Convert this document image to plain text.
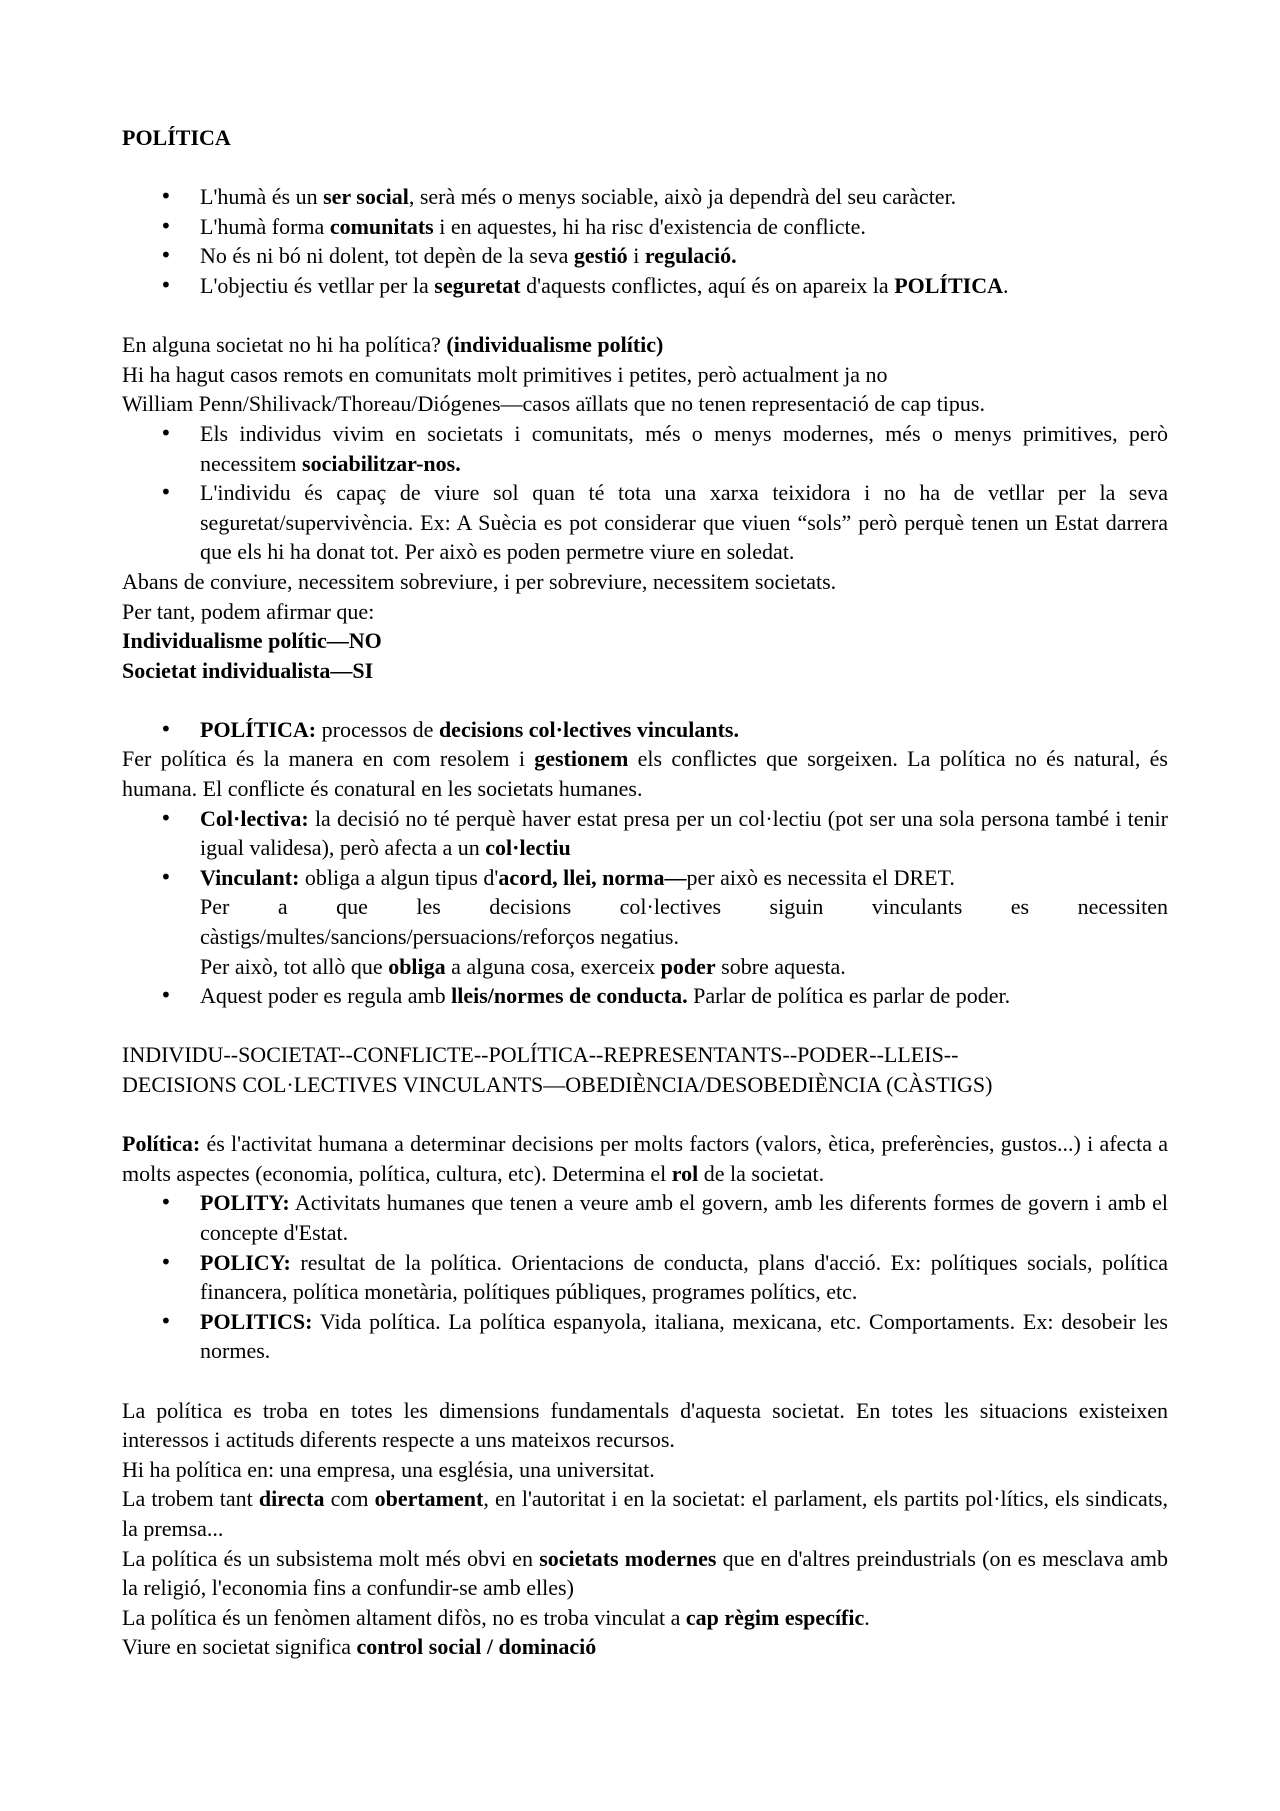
POLÍTICA

• L'humà és un ser social, serà més o menys sociable, això ja dependrà del seu caràcter.
• L'humà forma comunitats i en aquestes, hi ha risc d'existencia de conflicte.
• No és ni bó ni dolent, tot depèn de la seva gestió i regulació.
• L'objectiu és vetllar per la seguretat d'aquests conflictes, aquí és on apareix la POLÍTICA.

En alguna societat no hi ha política? (individualisme polític)

Hi ha hagut casos remots en comunitats molt primitives i petites, però actualment ja no

William Penn/Shilivack/Thoreau/Diógenes—casos aïllats que no tenen representació de cap tipus.

• Els individus vivim en societats i comunitats, més o menys modernes, més o menys primitives, però necessitem sociabilitzar-nos.
• L'individu és capaç de viure sol quan té tota una xarxa teixidora i no ha de vetllar per la seva seguretat/supervivència. Ex: A Suècia es pot considerar que viuen “sols” però perquè tenen un Estat darrera que els hi ha donat tot. Per això es poden permetre viure en soledat.

Abans de conviure, necessitem sobreviure, i per sobreviure, necessitem societats.

Per tant, podem afirmar que:

Individualisme polític—NO

Societat individualista—SI

• POLÍTICA: processos de decisions col·lectives vinculants.

Fer política és la manera en com resolem i gestionem els conflictes que sorgeixen. La política no és natural, és humana. El conflicte és conatural en les societats humanes.

• Col·lectiva: la decisió no té perquè haver estat presa per un col·lectiu (pot ser una sola persona també i tenir igual validesa), però afecta a un col·lectiu
• Vinculant: obliga a algun tipus d'acord, llei, norma—per això es necessita el DRET.
Per a que les decisions col·lectives siguin vinculants es necessiten càstigs/multes/sancions/persuacions/reforços negatius.
Per això, tot allò que obliga a alguna cosa, exerceix poder sobre aquesta.
• Aquest poder es regula amb lleis/normes de conducta. Parlar de política es parlar de poder.

INDIVIDU--SOCIETAT--CONFLICTE--POLÍTICA--REPRESENTANTS--PODER--LLEIS--

DECISIONS COL·LECTIVES VINCULANTS—OBEDIÈNCIA/DESOBEDIÈNCIA (CÀSTIGS)

Política: és l'activitat humana a determinar decisions per molts factors (valors, ètica, preferències, gustos...) i afecta a molts aspectes (economia, política, cultura, etc). Determina el rol de la societat.

• POLITY: Activitats humanes que tenen a veure amb el govern, amb les diferents formes de govern i amb el concepte d'Estat.
• POLICY: resultat de la política. Orientacions de conducta, plans d'acció. Ex: polítiques socials, política financera, política monetària, polítiques públiques, programes polítics, etc.
• POLITICS: Vida política. La política espanyola, italiana, mexicana, etc. Comportaments. Ex: desobeir les normes.

La política es troba en totes les dimensions fundamentals d'aquesta societat. En totes les situacions existeixen interessos i actituds diferents respecte a uns mateixos recursos.

Hi ha política en: una empresa, una església, una universitat.

La trobem tant directa com obertament, en l'autoritat i en la societat: el parlament, els partits pol·lítics, els sindicats, la premsa...

La política és un subsistema molt més obvi en societats modernes que en d'altres preindustrials (on es mesclava amb la religió, l'economia fins a confundir-se amb elles)

La política és un fenòmen altament difòs, no es troba vinculat a cap règim específic.

Viure en societat significa control social / dominació
